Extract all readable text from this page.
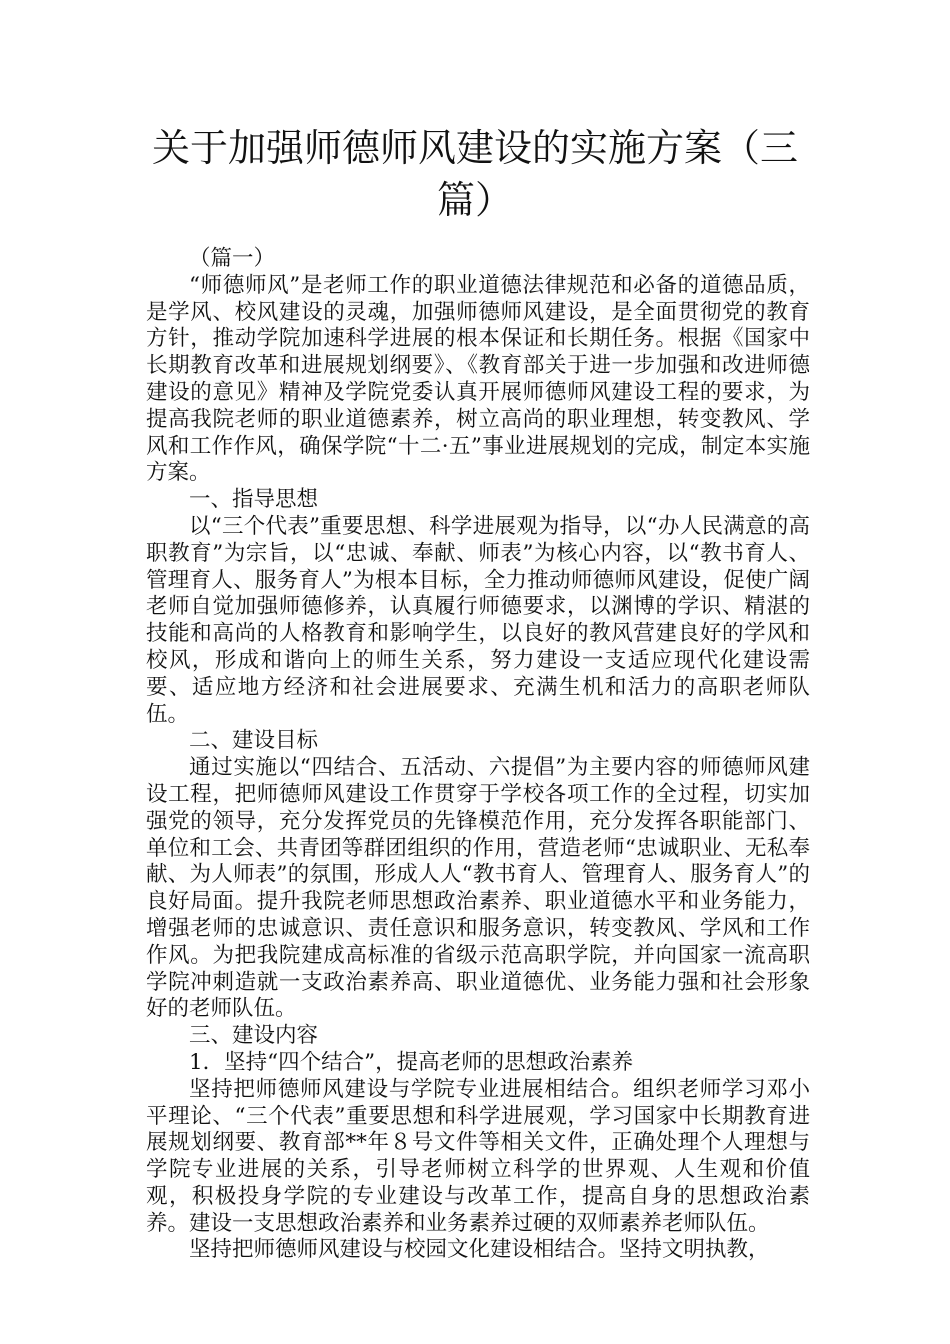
关于加强师德师风建设的实施方案（三
篇）

（篇一）

“师德师风”是老师工作的职业道德法律规范和必备的道德品质，是学风、校风建设的灵魂，加强师德师风建设，是全面贯彻党的教育方针，推动学院加速科学进展的根本保证和长期任务。根据《国家中长期教育改革和进展规划纲要》、《教育部关于进一步加强和改进师德建设的意见》精神及学院党委认真开展师德师风建设工程的要求，为提高我院老师的职业道德素养，树立高尚的职业理想，转变教风、学风和工作作风，确保学院“十二·五”事业进展规划的完成，制定本实施方案。

一、指导思想

以“三个代表”重要思想、科学进展观为指导，以“办人民满意的高职教育”为宗旨，以“忠诚、奉献、师表”为核心内容，以“教书育人、管理育人、服务育人”为根本目标，全力推动师德师风建设，促使广阔老师自觉加强师德修养，认真履行师德要求，以渊博的学识、精湛的技能和高尚的人格教育和影响学生，以良好的教风营建良好的学风和校风，形成和谐向上的师生关系，努力建设一支适应现代化建设需要、适应地方经济和社会进展要求、充满生机和活力的高职老师队伍。

二、建设目标

通过实施以“四结合、五活动、六提倡”为主要内容的师德师风建设工程，把师德师风建设工作贯穿于学校各项工作的全过程，切实加强党的领导，充分发挥党员的先锋模范作用，充分发挥各职能部门、单位和工会、共青团等群团组织的作用，营造老师“忠诚职业、无私奉献、为人师表”的氛围，形成人人“教书育人、管理育人、服务育人”的良好局面。提升我院老师思想政治素养、职业道德水平和业务能力，增强老师的忠诚意识、责任意识和服务意识，转变教风、学风和工作作风。为把我院建成高标准的省级示范高职学院，并向国家一流高职学院冲刺造就一支政治素养高、职业道德优、业务能力强和社会形象好的老师队伍。

三、建设内容

1．坚持“四个结合”，提高老师的思想政治素养

坚持把师德师风建设与学院专业进展相结合。组织老师学习邓小平理论、“三个代表”重要思想和科学进展观，学习国家中长期教育进展规划纲要、教育部**年８号文件等相关文件，正确处理个人理想与学院专业进展的关系，引导老师树立科学的世界观、人生观和价值观，积极投身学院的专业建设与改革工作，提高自身的思想政治素养。建设一支思想政治素养和业务素养过硬的双师素养老师队伍。

坚持把师德师风建设与校园文化建设相结合。坚持文明执教，
